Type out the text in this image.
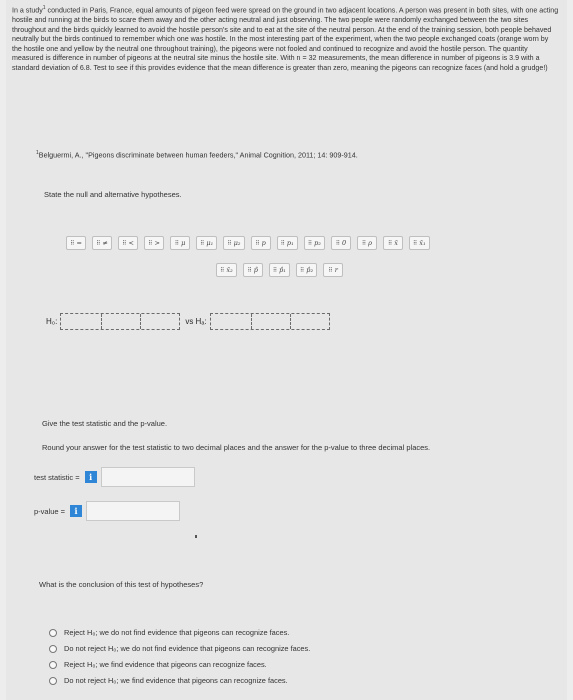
In a study$^1$ conducted in Paris, France, equal amounts of pigeon feed were spread on the ground in two adjacent locations. A person was present in both sites, with one acting hostile and running at the birds to scare them away and the other acting neutral and just observing. The two people were randomly exchanged between the two sites throughout and the birds quickly learned to avoid the hostile person's site and to eat at the site of the neutral person. At the end of the training session, both people behaved neutrally but the birds continued to remember which one was hostile. In the most interesting part of the experiment, when the two people exchanged coats (orange worn by the hostile one and yellow by the neutral one throughout training), the pigeons were not fooled and continued to recognize and avoid the hostile person. The quantity measured is difference in number of pigeons at the neutral site minus the hostile site. With n = 32 measurements, the mean difference in number of pigeons is 3.9 with a standard deviation of 6.8. Test to see if this provides evidence that the mean difference is greater than zero, meaning the pigeons can recognize faces (and hold a grudge!)
$^1$Belguermi, A., "Pigeons discriminate between human feeders," Animal Cognition, 2011; 14: 909-914.
State the null and alternative hypotheses.
⠿ = ⠿ ≠ ⠿ < ⠿ > ⠿ μ ⠿ μ₁ ⠿ μ₂ ⠿ p ⠿ p₁ ⠿ p₂ ⠿ 0	⠿ ρ	⠿ x̄ ⠿ x̄₁
⠿ x̄₂ ⠿ p̂ ⠿ p̂₁ ⠿ p̂₂	⠿ r
H₀:	vs Hₐ:
Give the test statistic and the p-value.
Round your answer for the test statistic to two decimal places and the answer for the p-value to three decimal places.
test statistic =	i
p-value =	i
What is the conclusion of this test of hypotheses?
Reject H₀; we do not find evidence that pigeons can recognize faces.
Do not reject H₀; we do not find evidence that pigeons can recognize faces.
Reject H₀; we find evidence that pigeons can recognize faces.
Do not reject H₀; we find evidence that pigeons can recognize faces.
